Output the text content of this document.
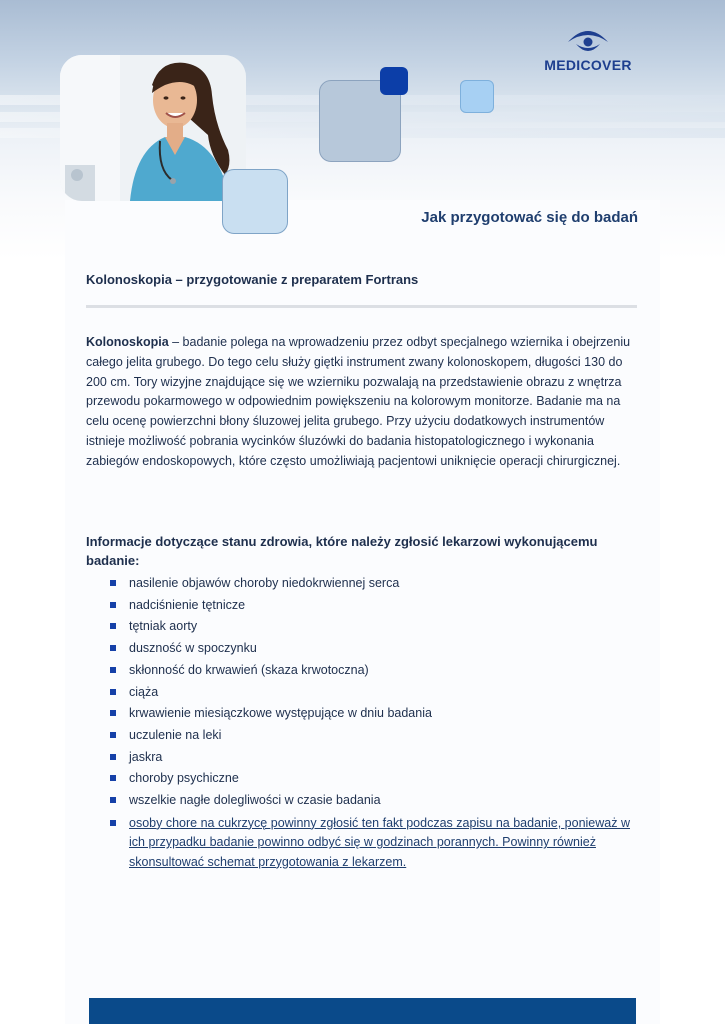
MEDICOVER
Jak przygotować się do badań
Kolonoskopia – przygotowanie z preparatem Fortrans
Kolonoskopia – badanie polega na wprowadzeniu przez odbyt specjalnego wziernika i obejrzeniu całego jelita grubego. Do tego celu służy giętki instrument zwany kolonoskopem, długości 130 do 200 cm. Tory wizyjne znajdujące się we wzierniku pozwalają na przedstawienie obrazu z wnętrza przewodu pokarmowego w odpowiednim powiększeniu na kolorowym monitorze. Badanie ma na celu ocenę powierzchni błony śluzowej jelita grubego. Przy użyciu dodatkowych instrumentów istnieje możliwość pobrania wycinków śluzówki do badania histopatologicznego i wykonania zabiegów endoskopowych, które często umożliwiają pacjentowi uniknięcie operacji chirurgicznej.
Informacje dotyczące stanu zdrowia, które należy zgłosić lekarzowi wykonującemu badanie:
nasilenie objawów choroby niedokrwiennej serca
nadciśnienie tętnicze
tętniak aorty
duszność w spoczynku
skłonność do krwawień (skaza krwotoczna)
ciąża
krwawienie miesiączkowe występujące w dniu badania
uczulenie na leki
jaskra
choroby psychiczne
wszelkie nagłe dolegliwości w czasie badania
osoby chore na cukrzycę powinny zgłosić ten fakt podczas zapisu na badanie, ponieważ w ich przypadku badanie powinno odbyć się w godzinach porannych. Powinny również skonsultować schemat przygotowania z lekarzem.
